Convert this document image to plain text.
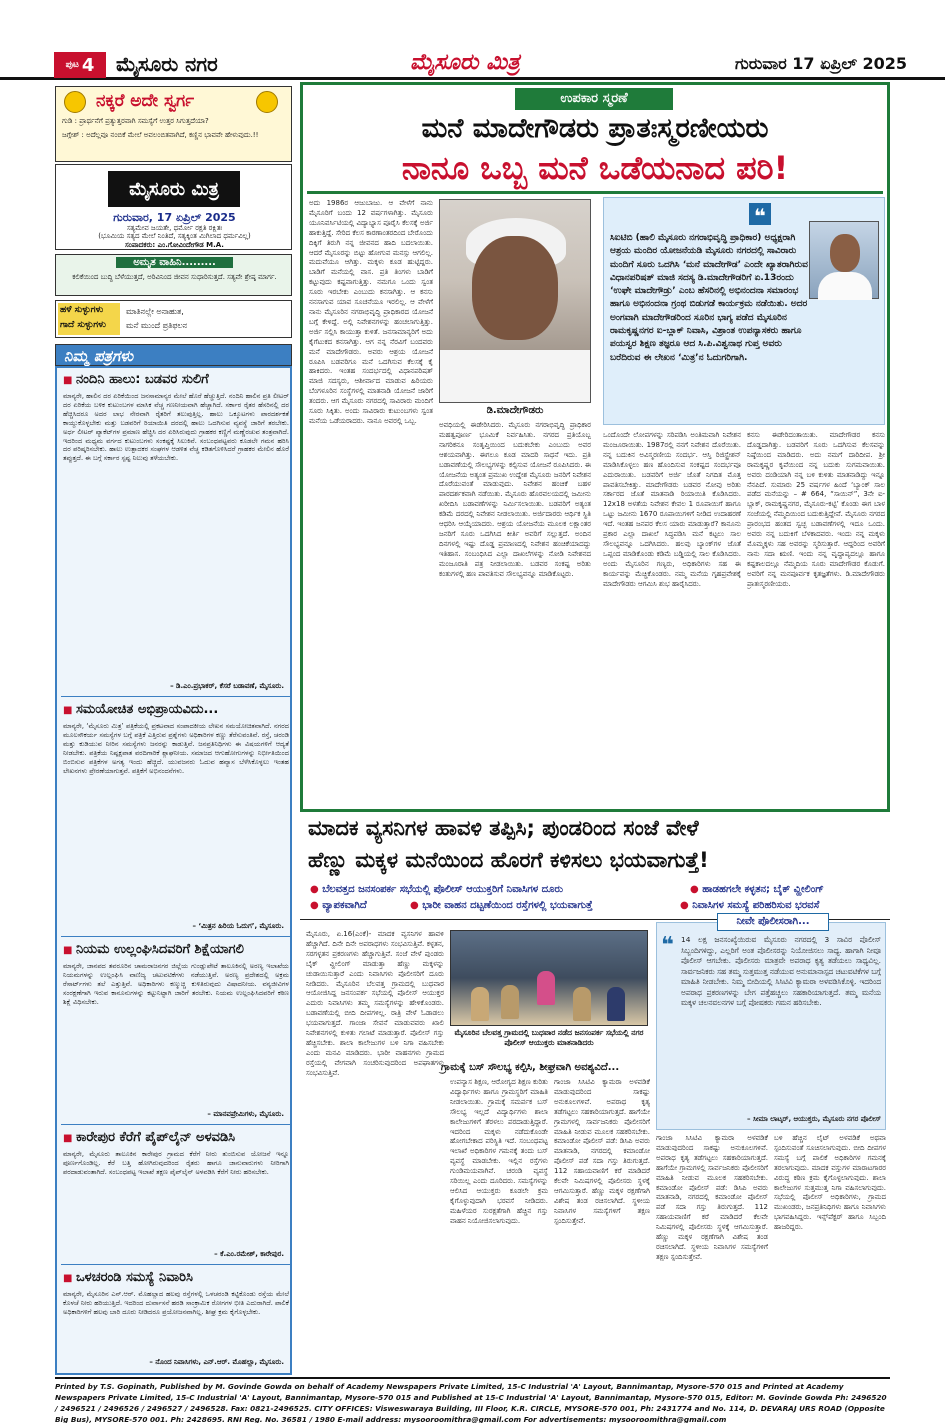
ಪುಟ 4 ಮೈಸೂರು ನಗರ	ಮೈಸೂರು ಮಿತ್ರ	ಗುರುವಾರ 17 ಏಪ್ರಿಲ್ 2025
ನಕ್ಕರೆ ಅದೇ ಸ್ವರ್ಗ
ಗುಡಿ : ಪ್ರಾರ್ಥನೆಗೆ ಪ್ರತ್ಯುತ್ತರವಾಗಿ ಸಮಸ್ಯೆಗೆ ಉತ್ತರ ಸಿಗುತ್ತದೆಯಾ?
ಜಗ್ಗೇಶ್ : ಅದೆಲ್ಲವೂ ನಂಬಿಕೆ ಮೇಲೆ ಅವಲಂಬಿತವಾಗಿದೆ, ಕಣ್ಣಿನ ಭಾವವೇ ಹೇಳುವುದು.!!
ಮೈಸೂರು ಮಿತ್ರ
ಗುರುವಾರ, 17 ಏಪ್ರಿಲ್ 2025
ಸತ್ಯಮೇವ ಜಯತೇ, ಧರ್ಮೋ ರಕ್ಷತಿ ರಕ್ಷಿತಃ
(ಭೂಮಿಯ ಸತ್ಯದ ಮೇಲೆ ನಿಂತಿದೆ, ಸತ್ಯಕ್ಕಿಂತ ಮಿಗಿಲಾದ ಧರ್ಮವಿಲ್ಲ)
ಸಂಪಾದಕರು: ಎಂ.ಗೋವಿಂದೇಗೌಡ M.A.
ಅಮೃತ ವಾಹಿನಿ.........
ಕಲಿಕೆಯಿಂದ ಬುದ್ಧಿ ಬೆಳೆಯುತ್ತದೆ, ಅರಿವಿನಿಂದ ಜೀವನ ಸುಧಾರಿಸುತ್ತದೆ. ಸತ್ಯವೇ ಶ್ರೇಷ್ಠ ಮಾರ್ಗ.
ಹಳೆ ಸುಳ್ಳುಗಳು
ಗಾದೆ ಸುಳ್ಳುಗಳು
ಮಾತಿನಲ್ಲೇ ಅನಾಹುತ,
ಮನೆ ಮುಂದೆ ಪ್ರತಿಫಲನ
ನಿಮ್ಮ ಪತ್ರಗಳು
■ ನಂದಿನಿ ಹಾಲು: ಬಡವರ ಸುಲಿಗೆ
ಮಾನ್ಯರೇ, ಹಾಲಿನ ದರ ಏರಿಕೆಯಿಂದ ಜನಸಾಮಾನ್ಯರ ಮೇಲೆ ಹೊರೆ ಹೆಚ್ಚುತ್ತಿದೆ. ನಂದಿನಿ ಹಾಲಿನ ಪ್ರತಿ ಲೀಟರ್ ದರ ಏರಿಕೆಯ ಬಳಿಕ ಕುಟುಂಬಗಳ ಮಾಸಿಕ ವೆಚ್ಚ ಗಣನೀಯವಾಗಿ ಹೆಚ್ಚಾಗಿದೆ. ಸರ್ಕಾರ ರೈತರ ಹೆಸರಿನಲ್ಲಿ ದರ ಹೆಚ್ಚಿಸಿದರೂ ಅದರ ಲಾಭ ನೇರವಾಗಿ ರೈತರಿಗೆ ತಲುಪುತ್ತಿಲ್ಲ. ಹಾಲು ಒಕ್ಕೂಟಗಳು ಪಾರದರ್ಶಕತೆ ಕಾಯ್ದುಕೊಳ್ಳಬೇಕು ಮತ್ತು ಬಡವರಿಗೆ ರಿಯಾಯಿತಿ ದರದಲ್ಲಿ ಹಾಲು ಒದಗಿಸುವ ವ್ಯವಸ್ಥೆ ಜಾರಿಗೆ ತರಬೇಕು. ಅರ್ಧ ಲೀಟರ್ ಪ್ಯಾಕೆಟ್‌ಗಳ ಪ್ರಮಾಣ ಹೆಚ್ಚಿಸಿ ದರ ಏರಿಸಿರುವುದು ಗ್ರಾಹಕರ ಕಣ್ಣಿಗೆ ಮಣ್ಣೆರಚುವ ತಂತ್ರವಾಗಿದೆ. ಇದರಿಂದ ಮಧ್ಯಮ ವರ್ಗದ ಕುಟುಂಬಗಳು ಸಂಕಷ್ಟಕ್ಕೆ ಸಿಲುಕಿವೆ. ಸಂಬಂಧಪಟ್ಟವರು ಕೂಡಲೇ ಗಮನ ಹರಿಸಿ ದರ ಪರಿಷ್ಕರಿಸಬೇಕು. ಹಾಲು ಉತ್ಪಾದಕರ ಸಂಘಗಳ ಆಡಳಿತ ವೆಚ್ಚ ಕಡಿತಗೊಳಿಸಿದರೆ ಗ್ರಾಹಕರ ಮೇಲಿನ ಹೊರೆ ತಪ್ಪುತ್ತದೆ. ಈ ಬಗ್ಗೆ ಸರ್ಕಾರ ಸ್ಪಷ್ಟ ನಿಲುವು ತಳೆಯಬೇಕು.
– ಡಿ.ಎಂ.ಪ್ರಭಾಕರ್, ಕೆಸರೆ ಬಡಾವಣೆ, ಮೈಸೂರು.
■ ಸಮಯೋಚಿತ ಅಭಿಪ್ರಾಯವಿದು...
ಮಾನ್ಯರೇ, ‘ಮೈಸೂರು ಮಿತ್ರ’ ಪತ್ರಿಕೆಯಲ್ಲಿ ಪ್ರಕಟವಾದ ಸಂಪಾದಕೀಯ ಲೇಖನ ಸಮಯೋಚಿತವಾಗಿದೆ. ನಗರದ ಮೂಲಸೌಕರ್ಯ ಸಮಸ್ಯೆಗಳ ಬಗ್ಗೆ ಪತ್ರಿಕೆ ಎತ್ತಿರುವ ಪ್ರಶ್ನೆಗಳು ಅಧಿಕಾರಿಗಳ ಕಣ್ಣು ತೆರೆಸುವಂತಿವೆ. ರಸ್ತೆ, ಚರಂಡಿ ಮತ್ತು ಕುಡಿಯುವ ನೀರಿನ ಸಮಸ್ಯೆಗಳು ಜನರನ್ನು ಕಾಡುತ್ತಿವೆ. ಜನಪ್ರತಿನಿಧಿಗಳು ಈ ವಿಷಯಗಳಿಗೆ ಆದ್ಯತೆ ನೀಡಬೇಕು. ಪತ್ರಿಕೆಯ ನಿಷ್ಪಕ್ಷಪಾತ ವರದಿಗಾರಿಕೆ ಶ್ಲಾಘನೀಯ. ಸಮಾಜದ ಆಗುಹೋಗುಗಳನ್ನು ನಿರ್ಭೀತಿಯಿಂದ ಬಿಂಬಿಸುವ ಪತ್ರಿಕೆಗಳ ಅಗತ್ಯ ಇಂದು ಹೆಚ್ಚಿದೆ. ಯುವಜನರು ಓದುವ ಹವ್ಯಾಸ ಬೆಳೆಸಿಕೊಳ್ಳಲು ಇಂತಹ ಲೇಖನಗಳು ಪ್ರೇರಣೆಯಾಗುತ್ತವೆ. ಪತ್ರಿಕೆಗೆ ಅಭಿನಂದನೆಗಳು.
– ‘ಮಿತ್ರನ ಹಿರಿಯ ಓದುಗ’, ಮೈಸೂರು.
■ ನಿಯಮ ಉಲ್ಲಂಘಿಸಿದವರಿಗೆ ಶಿಕ್ಷೆಯಾಗಲಿ
ಮಾನ್ಯರೇ, ಜಾನಪದ ತವರೂರಿನ ಚಾಮರಾಜನಗರ ಜಿಲ್ಲೆಯ ಗುಂಡ್ಲುಪೇಟೆ ತಾಲೂಕಿನಲ್ಲಿ ಅರಣ್ಯ ಇಲಾಖೆಯ ನಿಯಮಗಳನ್ನು ಉಲ್ಲಂಘಿಸಿ ವಾಣಿಜ್ಯ ಚಟುವಟಿಕೆಗಳು ನಡೆಯುತ್ತಿವೆ. ಅರಣ್ಯ ಪ್ರದೇಶದಲ್ಲಿ ಅಕ್ರಮ ರೆಸಾರ್ಟ್‌ಗಳು ತಲೆ ಎತ್ತುತ್ತಿವೆ. ಅಧಿಕಾರಿಗಳು ಕಣ್ಮುಚ್ಚಿ ಕುಳಿತಿರುವುದು ವಿಷಾದನೀಯ. ವನ್ಯಜೀವಿಗಳ ಸಂರಕ್ಷಣೆಗಾಗಿ ಇರುವ ಕಾನೂನುಗಳನ್ನು ಕಟ್ಟುನಿಟ್ಟಾಗಿ ಜಾರಿಗೆ ತರಬೇಕು. ನಿಯಮ ಉಲ್ಲಂಘಿಸಿದವರಿಗೆ ಕಠಿಣ ಶಿಕ್ಷೆ ವಿಧಿಸಬೇಕು.
– ಮಾನವಪ್ರೇಮಿಗಳು, ಮೈಸೂರು.
■ ಕಾರೇಪುರ ಕೆರೆಗೆ ಪೈಪ್‌ಲೈನ್ ಅಳವಡಿಸಿ
ಮಾನ್ಯರೇ, ಮೈಸೂರು ತಾಲೂಕಿನ ಕಾರೇಪುರ ಗ್ರಾಮದ ಕೆರೆಗೆ ನೀರು ತುಂಬಿಸುವ ಯೋಜನೆ ಇನ್ನೂ ಪೂರ್ಣಗೊಂಡಿಲ್ಲ. ಕೆರೆ ಬತ್ತಿ ಹೋಗಿರುವುದರಿಂದ ರೈತರು ಹಾಗೂ ಜಾನುವಾರುಗಳು ನೀರಿಗಾಗಿ ಪರದಾಡುವಂತಾಗಿದೆ. ಸಂಬಂಧಪಟ್ಟ ಇಲಾಖೆ ತಕ್ಷಣ ಪೈಪ್‌ಲೈನ್ ಅಳವಡಿಸಿ ಕೆರೆಗೆ ನೀರು ಹರಿಸಬೇಕು.
– ಕೆ.ಎಂ.ರಮೇಶ್, ಕಾರೇಪುರ.
■ ಒಳಚರಂಡಿ ಸಮಸ್ಯೆ ನಿವಾರಿಸಿ
ಮಾನ್ಯರೇ, ಮೈಸೂರಿನ ಎನ್.ಆರ್. ಮೊಹಲ್ಲಾದ ಹಲವು ರಸ್ತೆಗಳಲ್ಲಿ ಒಳಚರಂಡಿ ಕಟ್ಟಿಕೊಂಡು ರಸ್ತೆಯ ಮೇಲೆ ಕೊಳಚೆ ನೀರು ಹರಿಯುತ್ತಿದೆ. ಇದರಿಂದ ದುರ್ವಾಸನೆ ಹರಡಿ ಸಾಂಕ್ರಾಮಿಕ ರೋಗಗಳ ಭೀತಿ ಎದುರಾಗಿದೆ. ಪಾಲಿಕೆ ಅಧಿಕಾರಿಗಳಿಗೆ ಹಲವು ಬಾರಿ ದೂರು ನೀಡಿದರೂ ಪ್ರಯೋಜನವಾಗಿಲ್ಲ. ಶೀಘ್ರ ಕ್ರಮ ಕೈಗೊಳ್ಳಬೇಕು.
– ನೊಂದ ನಿವಾಸಿಗಳು, ಎನ್.ಆರ್. ಮೊಹಲ್ಲಾ, ಮೈಸೂರು.
ಉಪಕಾರ ಸ್ಮರಣೆ
ಮನೆ ಮಾದೇಗೌಡರು ಪ್ರಾತಃಸ್ಮರಣೀಯರು
ನಾನೂ ಒಬ್ಬ ಮನೆ ಒಡೆಯನಾದ ಪರಿ!
ಅದು 1986ರ ಆಜುಬಾಜು. ಆ ವೇಳೆಗೆ ನಾನು ಮೈಸೂರಿಗೆ ಬಂದು 12 ವರ್ಷಗಳಾಗಿತ್ತು. ಮೈಸೂರು ಯೂನಿವರ್ಸಿಟಿಯಲ್ಲಿ ವಿದ್ಯಾಭ್ಯಾಸ ಪೂರೈಸಿ ಕೆಲಸಕ್ಕೆ ಅರ್ಜಿ ಹಾಕುತ್ತಿದ್ದೆ. ಸೇರಿದ ಕೆಲಸ ಕಾರಣಾಂತರದಿಂದ ಬೇರೊಂದು ದಿಕ್ಕಿಗೆ ತಿರುಗಿ ನನ್ನ ಜೀವನದ ಹಾದಿ ಬದಲಾಯಿತು. ಆದರೆ ಮೈಸೂರನ್ನು ಬಿಟ್ಟು ಹೋಗುವ ಮನಸ್ಸು ಆಗಲಿಲ್ಲ. ಮದುವೆಯೂ ಆಗಿತ್ತು. ಮಕ್ಕಳು ಕೂಡ ಹುಟ್ಟಿದ್ದರು. ಬಾಡಿಗೆ ಮನೆಯಲ್ಲಿ ವಾಸ. ಪ್ರತಿ ತಿಂಗಳು ಬಾಡಿಗೆ ಕಟ್ಟುವುದು ಕಷ್ಟವಾಗುತ್ತಿತ್ತು. ನಮಗೂ ಒಂದು ಸ್ವಂತ ಸೂರು ಇರಬೇಕು ಎಂಬುದು ಕನಸಾಗಿತ್ತು. ಆ ಕನಸು ನನಸಾಗುವ ಯಾವ ಸೂಚನೆಯೂ ಇರಲಿಲ್ಲ. ಆ ವೇಳೆಗೆ ನಾನು ಮೈಸೂರಿನ ನಗರಾಭಿವೃದ್ಧಿ ಪ್ರಾಧಿಕಾರದ ಯೋಜನೆ ಬಗ್ಗೆ ಕೇಳಿದ್ದೆ. ಅಲ್ಲಿ ನಿವೇಶನಗಳನ್ನು ಹಂಚಲಾಗುತ್ತಿತ್ತು. ಅರ್ಜಿ ಸಲ್ಲಿಸಿ ಕಾಯುತ್ತಾ ಕುಳಿತೆ. ಜನಸಾಮಾನ್ಯರಿಗೆ ಅದು ಕೈಗೆಟುಕದ ಕನಸಾಗಿತ್ತು. ಆಗ ನನ್ನ ನೆರವಿಗೆ ಬಂದವರು ಮನೆ ಮಾದೇಗೌಡರು. ಅವರು ಆಶ್ರಯ ಯೋಜನೆ ರೂಪಿಸಿ ಬಡವರಿಗೂ ಮನೆ ಒದಗಿಸುವ ಕೆಲಸಕ್ಕೆ ಕೈ ಹಾಕಿದರು. ಇಂತಹ ಸಂದರ್ಭದಲ್ಲಿ ವಿಧಾನಪರಿಷತ್ ಮಾಜಿ ಸದಸ್ಯರು, ಆಶೀರ್ವಾದ ಮಾಡುವ ಹಿರಿಯರು ಬೆಂಗಳೂರಿನ ಸಂಸ್ಥೆಗಳಲ್ಲಿ ಮಾತನಾಡಿ ಯೋಜನೆ ಜಾರಿಗೆ ತಂದರು. ಆಗ ಮೈಸೂರು ನಗರದಲ್ಲಿ ಸಾವಿರಾರು ಮಂದಿಗೆ ಸೂರು ಸಿಕ್ಕಿತು. ಅಂದು ಸಾವಿರಾರು ಕುಟುಂಬಗಳು ಸ್ವಂತ ಮನೆಯ ಒಡೆಯರಾದರು. ನಾನೂ ಅವರಲ್ಲಿ ಒಬ್ಬ.
ಡಿ.ಮಾದೇಗೌಡರು
ಅವಧಿಯಲ್ಲಿ ಈಡೇರಿಸಿದರು. ಮೈಸೂರು ನಗರಾಭಿವೃದ್ಧಿ ಪ್ರಾಧಿಕಾರ ಮಹತ್ವಪೂರ್ಣ ಭೂಮಿಕೆ ನಿರ್ವಹಿಸಿತು. ನಗರದ ಪ್ರತಿಯೊಬ್ಬ ನಾಗರಿಕನೂ ಸಂತೃಪ್ತಿಯಿಂದ ಬದುಕಬೇಕು ಎಂಬುದು ಅವರ ಆಶಯವಾಗಿತ್ತು. ಈಗಲೂ ಕೂಡ ಮಾದರಿ ಸಾಧನೆ ಇದು. ಪ್ರತಿ ಬಡಾವಣೆಯಲ್ಲಿ ಸೌಲಭ್ಯಗಳನ್ನು ಕಲ್ಪಿಸುವ ಯೋಜನೆ ರೂಪಿಸಿದರು. ಈ ಯೋಜನೆಯ ಅತ್ಯಂತ ಪ್ರಮುಖ ಉದ್ದೇಶ ಮೈಸೂರು ಜನರಿಗೆ ನಿವೇಶನ ದೊರೆಯುವಂತೆ ಮಾಡುವುದು. ನಿವೇಶನ ಹಂಚಿಕೆ ಬಹಳ ಪಾರದರ್ಶಕವಾಗಿ ನಡೆಯಿತು. ಮೈಸೂರು ಹೊರವಲಯದಲ್ಲಿ ಜಮೀನು ಖರೀದಿಸಿ ಬಡಾವಣೆಗಳನ್ನು ನಿರ್ಮಿಸಲಾಯಿತು. ಬಡವರಿಗೆ ಅತ್ಯಂತ ಕಡಿಮೆ ದರದಲ್ಲಿ ನಿವೇಶನ ನೀಡಲಾಯಿತು. ಅರ್ಜಿದಾರರು ಆರ್ಥಿಕ ಸ್ಥಿತಿ ಆಧರಿಸಿ ಆಯ್ಕೆಯಾದರು. ಆಶ್ರಯ ಯೋಜನೆಯ ಮೂಲಕ ಲಕ್ಷಾಂತರ ಜನರಿಗೆ ಸೂರು ಒದಗಿಸಿದ ಕೀರ್ತಿ ಅವರಿಗೆ ಸಲ್ಲುತ್ತದೆ. ಅಂದಿನ ದಿನಗಳಲ್ಲಿ ಇಷ್ಟು ದೊಡ್ಡ ಪ್ರಮಾಣದಲ್ಲಿ ನಿವೇಶನ ಹಂಚಿಕೆಯಾದದ್ದು ಇತಿಹಾಸ. ಸಂಬಂಧಿಸಿದ ಎಲ್ಲಾ ದಾಖಲೆಗಳನ್ನು ನೋಡಿ ನಿವೇಶನದ ಮಂಜೂರಾತಿ ಪತ್ರ ನೀಡಲಾಯಿತು. ಬಡವರ ಸಂಕಷ್ಟ ಅರಿತು ಕಂತುಗಳಲ್ಲಿ ಹಣ ಪಾವತಿಸುವ ಸೌಲಭ್ಯವನ್ನೂ ಮಾಡಿಕೊಟ್ಟರು.
ಸಿಐಟಿಬಿ (ಹಾಲಿ ಮೈಸೂರು ನಗರಾಭಿವೃದ್ಧಿ ಪ್ರಾಧಿಕಾರ) ಅಧ್ಯಕ್ಷರಾಗಿ ಆಶ್ರಯ ಮಂದಿರ ಯೋಜನೆಯಡಿ ಮೈಸೂರು ನಗರದಲ್ಲಿ ಸಾವಿರಾರು ಮಂದಿಗೆ ಸೂರು ಒದಗಿಸಿ ‘ಮನೆ ಮಾದೇಗೌಡ’ ಎಂದೇ ಖ್ಯಾತರಾಗಿರುವ ವಿಧಾನಪರಿಷತ್ ಮಾಜಿ ಸದಸ್ಯ ಡಿ.ಮಾದೇಗೌಡರಿಗೆ ಏ.13ರಂದು ‘ಉಘೇ ಮಾದೇಗೌಡ್ರು’ ಎಂಬ ಹೆಸರಿನಲ್ಲಿ ಅಭಿನಂದನಾ ಸಮಾರಂಭ ಹಾಗೂ ಅಭಿನಂದನಾ ಗ್ರಂಥ ಬಿಡುಗಡೆ ಕಾರ್ಯಕ್ರಮ ನಡೆಯಿತು. ಅದರ ಅಂಗವಾಗಿ ಮಾದೇಗೌಡರಿಂದ ಸೂರಿನ ಭಾಗ್ಯ ಪಡೆದ ಮೈಸೂರಿನ ರಾಮಕೃಷ್ಣನಗರ ಐ-ಬ್ಲಾಕ್ ನಿವಾಸಿ, ವಿಶ್ರಾಂತ ಉಪನ್ಯಾಸಕರು ಹಾಗೂ ಪಯಸ್ವರ ಶಿಕ್ಷಣ ತಜ್ಞರೂ ಆದ ಸಿ.ಪಿ.ವಿಶ್ವನಾಥ ಗುಪ್ತ ಅವರು ಬರೆದಿರುವ ಈ ಲೇಖನ ‘ಮಿತ್ರ’ನ ಓದುಗರಿಗಾಗಿ.
❝
ಒಂದೊಂದೇ ಲೋಪಗಳನ್ನು ಸರಿಪಡಿಸಿ ಅಂತಿಮವಾಗಿ ನಿವೇಶನ ಮಂಜೂರಾಯಿತು. 1987ರಲ್ಲಿ ನನಗೆ ನಿವೇಶನ ದೊರೆಯಿತು. ನನ್ನ ಬದುಕಿನ ಅವಿಸ್ಮರಣೀಯ ಸಂದರ್ಭ. ಆಸ್ತಿ ರಿಜಿಸ್ಟ್ರೇಶನ್ ಮಾಡಿಸಿಕೊಳ್ಳಲು ಹಣ ಹೊಂದಿಸುವ ಸಂಕಷ್ಟದ ಸಂದರ್ಭವೂ ಎದುರಾಯಿತು. ಬಡವರಿಗೆ ಅರ್ಜಿ ಜೊತೆ ನಿಗದಿತ ಮೊತ್ತ ಪಾವತಿಸಬೇಕಿತ್ತು. ಮಾದೇಗೌಡರು ಬಡವರ ನೋವು ಅರಿತು ಸರ್ಕಾರದ ಜೊತೆ ಮಾತನಾಡಿ ರಿಯಾಯಿತಿ ಕೊಡಿಸಿದರು. 12x18 ಅಳತೆಯ ನಿವೇಶನ ಕೇವಲ 1 ರೂಪಾಯಿಗೆ ಹಾಗೂ ಒಟ್ಟು ಜಮೀನು 1670 ರೂಪಾಯಿಗಳಿಗೆ ನೀಡಿದ ಉದಾಹರಣೆ ಇದೆ. ಇಂತಹ ಜನಪರ ಕೆಲಸ ಯಾರು ಮಾಡುತ್ತಾರೆ? ಕಾನೂನು ಪ್ರಕಾರ ಎಲ್ಲಾ ದಾಖಲೆ ಸಿದ್ಧಪಡಿಸಿ ಮನೆ ಕಟ್ಟಲು ಸಾಲ ಸೌಲಭ್ಯವನ್ನೂ ಒದಗಿಸಿದರು. ಹಲವು ಬ್ಯಾಂಕ್‌ಗಳ ಜೊತೆ ಒಪ್ಪಂದ ಮಾಡಿಕೊಂಡು ಕಡಿಮೆ ಬಡ್ಡಿಯಲ್ಲಿ ಸಾಲ ಕೊಡಿಸಿದರು. ಅಂದು ಮೈಸೂರಿನ ಗಣ್ಯರು, ಅಧಿಕಾರಿಗಳು ಸಹ ಈ ಕಾರ್ಯವನ್ನು ಮೆಚ್ಚಿಕೊಂಡರು. ನಮ್ಮ ಮನೆಯ ಗೃಹಪ್ರವೇಶಕ್ಕೆ ಮಾದೇಗೌಡರು ಆಗಮಿಸಿ ಶುಭ ಹಾರೈಸಿದರು.
ಕನಸು ಈಡೇರಿದಂತಾಯಿತು. ಮಾದೇಗೌಡರ ಕನಸು ದೊಡ್ಡದಾಗಿತ್ತು. ಬಡವರಿಗೆ ಸೂರು ಒದಗಿಸುವ ಕೆಲಸವನ್ನು ನಿಷ್ಠೆಯಿಂದ ಮಾಡಿದರು. ಅದು ನಮಗೆ ದಾರಿದೀಪ. ಶ್ರೀ ರಾಮಕೃಷ್ಣರ ಕೃಪೆಯಿಂದ ನನ್ನ ಬದುಕು ಸುಗಮವಾಯಿತು. ಅವರು ದಂಡಿಯಾಗಿ ನನ್ನ ಬಳಿ ಕುಳಿತು ಮಾತನಾಡಿದ್ದು ಇನ್ನೂ ನೆನಪಿದೆ. ಸುಮಾರು 25 ವರ್ಷಗಳ ಹಿಂದೆ ‘ಬ್ಯಾಂಕ್ ಸಾಲ ಪಡೆದ ಮನೆಯನ್ನು – # 664, “ಸಾಯಿನ್”, 3ನೇ ಐ-ಬ್ಲಾಕ್, ರಾಮಕೃಷ್ಣನಗರ, ಮೈಸೂರು-ಕಟ್ಟಿ’ ಕೊಂಡು ಈಗ ಬಾಳ ಸಂಜೆಯಲ್ಲಿ ನೆಮ್ಮದಿಯಿಂದ ಬದುಕುತ್ತಿದ್ದೇವೆ. ಮೈಸೂರು ನಗರದ ಪ್ರಾರಂಭದ ಹಂತದ ಸ್ವಚ್ಛ ಬಡಾವಣೆಗಳಲ್ಲಿ ಇದೂ ಒಂದು. ಅವರು ನನ್ನ ಬದುಕಿಗೆ ಬೆಳಕಾದವರು. ಇಂದು ನನ್ನ ಮಕ್ಕಳು ಮೊಮ್ಮಕ್ಕಳು ಸಹ ಅವರನ್ನು ಸ್ಮರಿಸುತ್ತಾರೆ. ಆದ್ದರಿಂದ ಅವರಿಗೆ ನಾನು ಸದಾ ಋಣಿ. ಇಂದು ನನ್ನ ವೃದ್ಧಾಪ್ಯದಲ್ಲೂ ಹಾಗೂ ಕಷ್ಟಕಾಲದಲ್ಲೂ ನೆಮ್ಮದಿಯ ಸೂರು ಮಾದೇಗೌಡರ ಕೊಡುಗೆ. ಅವರಿಗೆ ನನ್ನ ಮನಪೂರ್ವಕ ಕೃತಜ್ಞತೆಗಳು. ಡಿ.ಮಾದೇಗೌಡರು ಪ್ರಾತಃಸ್ಮರಣೀಯರು.
ಮಾದಕ ವ್ಯಸನಿಗಳ ಹಾವಳಿ ತಪ್ಪಿಸಿ; ಪುಂಡರಿಂದ ಸಂಜೆ ವೇಳೆ
ಹೆಣ್ಣು ಮಕ್ಕಳ ಮನೆಯಿಂದ ಹೊರಗೆ ಕಳಿಸಲು ಭಯವಾಗುತ್ತೆ!
● ಬೆಲವತ್ತದ ಜನಸಂಪರ್ಕ ಸಭೆಯಲ್ಲಿ ಪೊಲೀಸ್ ಆಯುಕ್ತರಿಗೆ ನಿವಾಸಿಗಳ ದೂರು	● ಹಾಡಹಗಲೇ ಕಳ್ಳತನ; ಬೈಕ್ ವ್ಹೀಲಿಂಗ್
● ವ್ಯಾಪಕವಾಗಿದೆ	● ಭಾರೀ ವಾಹನ ದಟ್ಟಣೆಯಿಂದ ರಸ್ತೆಗಳಲ್ಲಿ ಭಯವಾಗುತ್ತೆ	● ನಿವಾಸಿಗಳ ಸಮಸ್ಯೆ ಪರಿಹರಿಸುವ ಭರವಸೆ
ಮೈಸೂರು, ಏ.16(ಎಂಕೆ)- ಮಾದಕ ವ್ಯಸನಿಗಳ ಹಾವಳಿ ಹೆಚ್ಚಾಗಿದೆ. ದಿನೇ ದಿನೇ ಅಪರಾಧಗಳು ಸಂಭವಿಸುತ್ತಿವೆ. ಕಳ್ಳತನ, ಸರಗಳ್ಳತನ ಪ್ರಕರಣಗಳು ಹೆಚ್ಚಾಗುತ್ತಿವೆ. ಸಂಜೆ ವೇಳೆ ಪುಂಡರು ಬೈಕ್ ವ್ಹೀಲಿಂಗ್ ಮಾಡುತ್ತಾ ಹೆಣ್ಣು ಮಕ್ಕಳನ್ನು ಚುಡಾಯಿಸುತ್ತಾರೆ ಎಂದು ನಿವಾಸಿಗಳು ಪೊಲೀಸರಿಗೆ ದೂರು ನೀಡಿದರು. ಮೈಸೂರಿನ ಬೆಲವತ್ತ ಗ್ರಾಮದಲ್ಲಿ ಬುಧವಾರ ಆಯೋಜಿಸಿದ್ದ ಜನಸಂಪರ್ಕ ಸಭೆಯಲ್ಲಿ ಪೊಲೀಸ್ ಆಯುಕ್ತರ ಎದುರು ನಿವಾಸಿಗಳು ತಮ್ಮ ಸಮಸ್ಯೆಗಳನ್ನು ಹೇಳಿಕೊಂಡರು. ಬಡಾವಣೆಯಲ್ಲಿ ಬೀದಿ ದೀಪಗಳಿಲ್ಲ. ರಾತ್ರಿ ವೇಳೆ ಓಡಾಡಲು ಭಯವಾಗುತ್ತದೆ. ಗಾಂಜಾ ಸೇವನೆ ಮಾಡುವವರು ಖಾಲಿ ನಿವೇಶನಗಳಲ್ಲಿ ಕುಳಿತು ಗಲಾಟೆ ಮಾಡುತ್ತಾರೆ. ಪೊಲೀಸ್ ಗಸ್ತು ಹೆಚ್ಚಿಸಬೇಕು. ಶಾಲಾ ಕಾಲೇಜುಗಳ ಬಳಿ ನಿಗಾ ವಹಿಸಬೇಕು ಎಂದು ಮನವಿ ಮಾಡಿದರು. ಭಾರೀ ವಾಹನಗಳು ಗ್ರಾಮದ ರಸ್ತೆಯಲ್ಲಿ ವೇಗವಾಗಿ ಸಂಚರಿಸುವುದರಿಂದ ಅಪಘಾತಗಳು ಸಂಭವಿಸುತ್ತಿವೆ.
ಮೈಸೂರಿನ ಬೆಲವತ್ತ ಗ್ರಾಮದಲ್ಲಿ ಬುಧವಾರ ನಡೆದ ಜನಸಂಪರ್ಕ ಸಭೆಯಲ್ಲಿ ನಗರ ಪೊಲೀಸ್ ಆಯುಕ್ತರು ಮಾತನಾಡಿದರು
ಗ್ರಾಮಕ್ಕೆ ಬಸ್ ಸೌಲಭ್ಯ ಕಲ್ಪಿಸಿ, ಶೀಘ್ರವಾಗಿ ಅವಶ್ಯವಿದೆ...
ಉಪನ್ಯಾಸ ಶಿಕ್ಷಣ, ಆರೋಗ್ಯದ ಶಿಕ್ಷಣ ಕುರಿತು ವಿದ್ಯಾರ್ಥಿಗಳು ಹಾಗೂ ಗ್ರಾಮಸ್ಥರಿಗೆ ಮಾಹಿತಿ ನೀಡಲಾಯಿತು. ಗ್ರಾಮಕ್ಕೆ ಸಮರ್ಪಕ ಬಸ್ ಸೌಲಭ್ಯ ಇಲ್ಲದೆ ವಿದ್ಯಾರ್ಥಿಗಳು ಶಾಲಾ ಕಾಲೇಜುಗಳಿಗೆ ತೆರಳಲು ಪರದಾಡುತ್ತಿದ್ದಾರೆ. ಇದರಿಂದ ಮಕ್ಕಳು ನಡೆದುಕೊಂಡೇ ಹೋಗಬೇಕಾದ ಪರಿಸ್ಥಿತಿ ಇದೆ. ಸಂಬಂಧಪಟ್ಟ ಇಲಾಖೆ ಅಧಿಕಾರಿಗಳ ಗಮನಕ್ಕೆ ತಂದು ಬಸ್ ವ್ಯವಸ್ಥೆ ಮಾಡಬೇಕು. ಇಲ್ಲಿನ ರಸ್ತೆಗಳು ಗುಂಡಿಮಯವಾಗಿವೆ. ಚರಂಡಿ ವ್ಯವಸ್ಥೆ ಸರಿಯಿಲ್ಲ ಎಂದು ದೂರಿದರು. ಸಮಸ್ಯೆಗಳನ್ನು ಆಲಿಸಿದ ಆಯುಕ್ತರು ಕೂಡಲೇ ಕ್ರಮ ಕೈಗೊಳ್ಳುವುದಾಗಿ ಭರವಸೆ ನೀಡಿದರು. ಮಹಿಳೆಯರ ಸುರಕ್ಷತೆಗಾಗಿ ಹೆಚ್ಚಿನ ಗಸ್ತು ವಾಹನ ನಿಯೋಜಿಸಲಾಗುವುದು.
ಗಾಂಜಾ ಸಿಸಿಟಿವಿ ಕ್ಯಾಮರಾ ಅಳವಡಿಕೆ ಮಾಡುವುದರಿಂದ ಸಾಕಷ್ಟು ಅನುಕೂಲಗಳಿವೆ. ಅಪರಾಧ ಕೃತ್ಯ ತಡೆಗಟ್ಟಲು ಸಹಕಾರಿಯಾಗುತ್ತದೆ. ಹಾಗೆಯೇ ಗ್ರಾಮಗಳಲ್ಲಿ ಸಾರ್ವಜನಿಕರು ಪೊಲೀಸರಿಗೆ ಮಾಹಿತಿ ನೀಡುವ ಮೂಲಕ ಸಹಕರಿಸಬೇಕು. ಕಮಾಂಡೋ ಪೊಲೀಸ್ ಪಡೆ: ಡಿಸಿಪಿ ಅವರು ಮಾತನಾಡಿ, ನಗರದಲ್ಲಿ ಕಮಾಂಡೋ ಪೊಲೀಸ್ ಪಡೆ ಸದಾ ಗಸ್ತು ತಿರುಗುತ್ತದೆ. 112 ಸಹಾಯವಾಣಿಗೆ ಕರೆ ಮಾಡಿದರೆ ಕೆಲವೇ ನಿಮಿಷಗಳಲ್ಲಿ ಪೊಲೀಸರು ಸ್ಥಳಕ್ಕೆ ಆಗಮಿಸುತ್ತಾರೆ. ಹೆಣ್ಣು ಮಕ್ಕಳ ರಕ್ಷಣೆಗಾಗಿ ವಿಶೇಷ ತಂಡ ರಚಿಸಲಾಗಿದೆ. ಸ್ಥಳೀಯ ನಿವಾಸಿಗಳ ಸಮಸ್ಯೆಗಳಿಗೆ ತಕ್ಷಣ ಸ್ಪಂದಿಸುತ್ತೇವೆ.
ನೀವೇ ಪೊಲೀಸರಾಗಿ...
❝ 14 ಲಕ್ಷ ಜನಸಂಖ್ಯೆಯಿರುವ ಮೈಸೂರು ನಗರದಲ್ಲಿ 3 ಸಾವಿರ ಪೊಲೀಸ್ ಸಿಬ್ಬಂದಿಗಳಿದ್ದು, ಎಲ್ಲರಿಗೆ ಅಂತ ಪೊಲೀಸರನ್ನು ನಿಯೋಜಿಸಲು ಸಾಧ್ಯ. ಹಾಗಾಗಿ ನೀವೂ ಪೊಲೀಸ್ ಆಗಬೇಕು. ಪೊಲೀಸರು ಮಾತ್ರವೇ ಅಪರಾಧ ಕೃತ್ಯ ತಡೆಯಲು ಸಾಧ್ಯವಿಲ್ಲ. ಸಾರ್ವಜನಿಕರು ಸಹ ತಮ್ಮ ಸುತ್ತಮುತ್ತ ನಡೆಯುವ ಅನುಮಾನಾಸ್ಪದ ಚಟುವಟಿಕೆಗಳ ಬಗ್ಗೆ ಮಾಹಿತಿ ನೀಡಬೇಕು. ನಿಮ್ಮ ಬೀದಿಯಲ್ಲಿ ಸಿಸಿಟಿವಿ ಕ್ಯಾಮರಾ ಅಳವಡಿಸಿಕೊಳ್ಳಿ. ಇದರಿಂದ ಅಪರಾಧ ಪ್ರಕರಣಗಳನ್ನು ಬೇಗ ಪತ್ತೆಹಚ್ಚಲು ಸಹಕಾರಿಯಾಗುತ್ತದೆ. ತಮ್ಮ ಮನೆಯ ಮಕ್ಕಳ ಚಲನವಲನಗಳ ಬಗ್ಗೆ ಪೋಷಕರು ಗಮನ ಹರಿಸಬೇಕು.
– ಸೀಮಾ ಲಾಟ್ಕರ್, ಆಯುಕ್ತರು, ಮೈಸೂರು ನಗರ ಪೊಲೀಸ್
ಗಾಂಜಾ ಸಿಸಿಟಿವಿ ಕ್ಯಾಮರಾ ಅಳವಡಿಕೆ ಮಾಡುವುದರಿಂದ ಸಾಕಷ್ಟು ಅನುಕೂಲಗಳಿವೆ. ಅಪರಾಧ ಕೃತ್ಯ ತಡೆಗಟ್ಟಲು ಸಹಕಾರಿಯಾಗುತ್ತದೆ. ಹಾಗೆಯೇ ಗ್ರಾಮಗಳಲ್ಲಿ ಸಾರ್ವಜನಿಕರು ಪೊಲೀಸರಿಗೆ ಮಾಹಿತಿ ನೀಡುವ ಮೂಲಕ ಸಹಕರಿಸಬೇಕು. ಕಮಾಂಡೋ ಪೊಲೀಸ್ ಪಡೆ: ಡಿಸಿಪಿ ಅವರು ಮಾತನಾಡಿ, ನಗರದಲ್ಲಿ ಕಮಾಂಡೋ ಪೊಲೀಸ್ ಪಡೆ ಸದಾ ಗಸ್ತು ತಿರುಗುತ್ತದೆ. 112 ಸಹಾಯವಾಣಿಗೆ ಕರೆ ಮಾಡಿದರೆ ಕೆಲವೇ ನಿಮಿಷಗಳಲ್ಲಿ ಪೊಲೀಸರು ಸ್ಥಳಕ್ಕೆ ಆಗಮಿಸುತ್ತಾರೆ. ಹೆಣ್ಣು ಮಕ್ಕಳ ರಕ್ಷಣೆಗಾಗಿ ವಿಶೇಷ ತಂಡ ರಚಿಸಲಾಗಿದೆ. ಸ್ಥಳೀಯ ನಿವಾಸಿಗಳ ಸಮಸ್ಯೆಗಳಿಗೆ ತಕ್ಷಣ ಸ್ಪಂದಿಸುತ್ತೇವೆ.
ಬಳಿ ಹೆಚ್ಚಿನ ಲೈಟ್ ಅಳವಡಿಕೆ ಅಥವಾ ಸ್ಪಂದಿಸುವಂತೆ ಸೂಚಿಸಲಾಗುವುದು. ಬೀದಿ ದೀಪಗಳ ಸಮಸ್ಯೆ ಬಗ್ಗೆ ಪಾಲಿಕೆ ಅಧಿಕಾರಿಗಳ ಗಮನಕ್ಕೆ ತರಲಾಗುವುದು. ಮಾದಕ ವಸ್ತುಗಳ ಮಾರಾಟಗಾರರ ವಿರುದ್ಧ ಕಠಿಣ ಕ್ರಮ ಕೈಗೊಳ್ಳಲಾಗುವುದು. ಶಾಲಾ ಕಾಲೇಜುಗಳ ಸುತ್ತಮುತ್ತ ನಿಗಾ ವಹಿಸಲಾಗುವುದು. ಸಭೆಯಲ್ಲಿ ಪೊಲೀಸ್ ಅಧಿಕಾರಿಗಳು, ಗ್ರಾಮದ ಮುಖಂಡರು, ಜನಪ್ರತಿನಿಧಿಗಳು ಹಾಗೂ ನಿವಾಸಿಗಳು ಭಾಗವಹಿಸಿದ್ದರು. ಇನ್ಸ್‌ಪೆಕ್ಟರ್ ಹಾಗೂ ಸಿಬ್ಬಂದಿ ಹಾಜರಿದ್ದರು.
Printed by T.S. Gopinath, Published by M. Govinde Gowda on behalf of Academy Newspapers Private Limited, 15-C Industrial 'A' Layout, Bannimantap, Mysore-570 015 and Printed at Academy Newspapers Private Limited, 15-C Industrial 'A' Layout, Bannimantap, Mysore-570 015 and Published at 15-C Industrial 'A' Layout, Bannimantap, Mysore-570 015, Editor: M. Govinde Gowda Ph: 2496520 / 2496521 / 2496526 / 2496527 / 2496528. Fax: 0821-2496525. CITY OFFICES: Visweswaraya Building, III Floor, K.R. CIRCLE, MYSORE-570 001, Ph: 2431774 and No. 114, D. DEVARAJ URS ROAD (Opposite Big Bus), MYSORE-570 001. Ph: 2428695. RNI Reg. No. 36581 / 1980 E-mail address: mysooroomithra@gmail.com For advertisements: mysooroomithra@gmail.com
